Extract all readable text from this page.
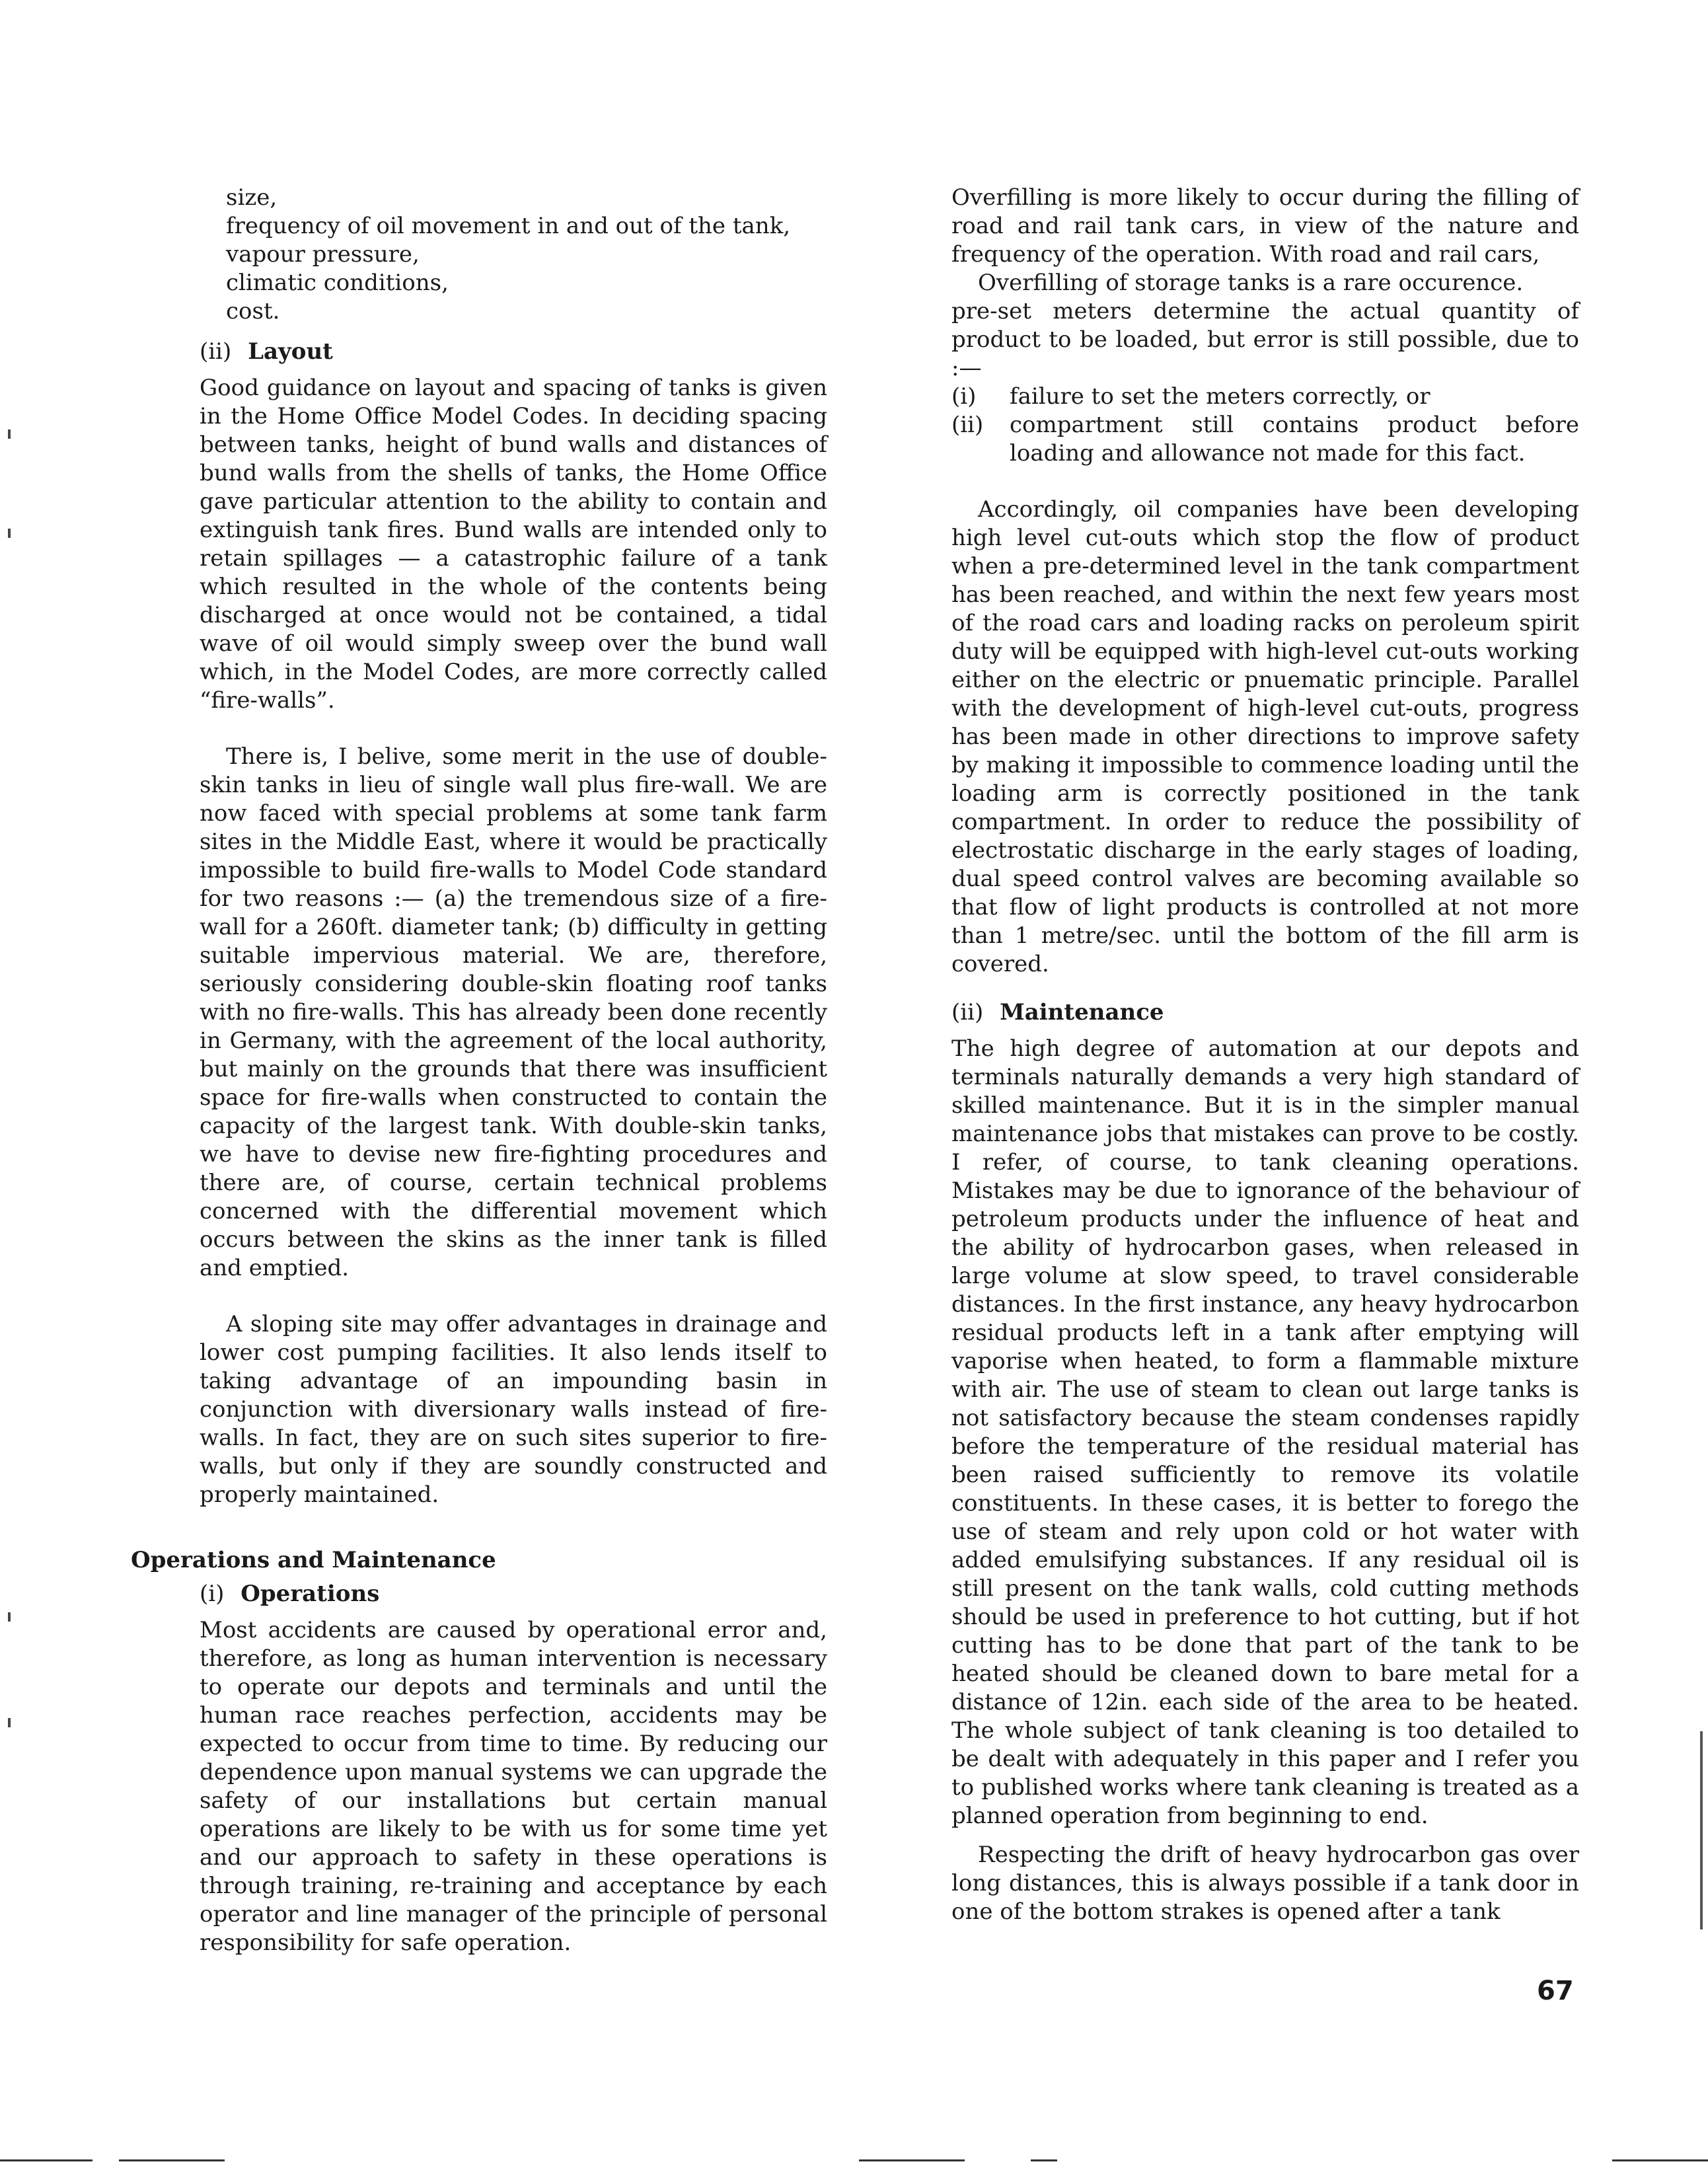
size,

frequency of oil movement in and out of the tank,

vapour pressure,

climatic conditions,

cost.

(ii) Layout

Good guidance on layout and spacing of tanks is given in the Home Office Model Codes. In deciding spacing between tanks, height of bund walls and distances of bund walls from the shells of tanks, the Home Office gave particular attention to the ability to contain and extinguish tank fires. Bund walls are intended only to retain spillages — a catastrophic failure of a tank which resulted in the whole of the contents being discharged at once would not be contained, a tidal wave of oil would simply sweep over the bund wall which, in the Model Codes, are more correctly called “fire-walls”.

There is, I belive, some merit in the use of double-skin tanks in lieu of single wall plus fire-wall. We are now faced with special problems at some tank farm sites in the Middle East, where it would be practically impossible to build fire-walls to Model Code standard for two reasons :— (a) the tremendous size of a fire-wall for a 260ft. diameter tank; (b) difficulty in getting suitable impervious material. We are, therefore, seriously considering double-skin floating roof tanks with no fire-walls. This has already been done recently in Germany, with the agreement of the local authority, but mainly on the grounds that there was insufficient space for fire-walls when constructed to contain the capacity of the largest tank. With double-skin tanks, we have to devise new fire-fighting procedures and there are, of course, certain technical problems concerned with the differential movement which occurs between the skins as the inner tank is filled and emptied.

A sloping site may offer advantages in drainage and lower cost pumping facilities. It also lends itself to taking advantage of an impounding basin in conjunction with diversionary walls instead of fire-walls. In fact, they are on such sites superior to fire-walls, but only if they are soundly constructed and properly maintained.

Operations and Maintenance
(i) Operations

Most accidents are caused by operational error and, therefore, as long as human intervention is necessary to operate our depots and terminals and until the human race reaches perfection, accidents may be expected to occur from time to time. By reducing our dependence upon manual systems we can upgrade the safety of our installations but certain manual operations are likely to be with us for some time yet and our approach to safety in these operations is through training, re-training and acceptance by each operator and line manager of the principle of personal responsibility for safe operation.

Overfilling is more likely to occur during the filling of road and rail tank cars, in view of the nature and frequency of the operation. With road and rail cars,

Overfilling of storage tanks is a rare occurence.

pre-set meters determine the actual quantity of product to be loaded, but error is still possible, due to :—

(i)	failure to set the meters correctly, or
(ii)	compartment still contains product before loading and allowance not made for this fact.

Accordingly, oil companies have been developing high level cut-outs which stop the flow of product when a pre-determined level in the tank compartment has been reached, and within the next few years most of the road cars and loading racks on peroleum spirit duty will be equipped with high-level cut-outs working either on the electric or pnuematic principle. Parallel with the development of high-level cut-outs, progress has been made in other directions to improve safety by making it impossible to commence loading until the loading arm is correctly positioned in the tank compartment. In order to reduce the possibility of electrostatic discharge in the early stages of loading, dual speed control valves are becoming available so that flow of light products is controlled at not more than 1 metre/sec. until the bottom of the fill arm is covered.

(ii) Maintenance

The high degree of automation at our depots and terminals naturally demands a very high standard of skilled maintenance. But it is in the simpler manual maintenance jobs that mistakes can prove to be costly. I refer, of course, to tank cleaning operations. Mistakes may be due to ignorance of the behaviour of petroleum products under the influence of heat and the ability of hydrocarbon gases, when released in large volume at slow speed, to travel considerable distances. In the first instance, any heavy hydrocarbon residual products left in a tank after emptying will vaporise when heated, to form a flammable mixture with air. The use of steam to clean out large tanks is not satisfactory because the steam condenses rapidly before the temperature of the residual material has been raised sufficiently to remove its volatile constituents. In these cases, it is better to forego the use of steam and rely upon cold or hot water with added emulsifying substances. If any residual oil is still present on the tank walls, cold cutting methods should be used in preference to hot cutting, but if hot cutting has to be done that part of the tank to be heated should be cleaned down to bare metal for a distance of 12in. each side of the area to be heated. The whole subject of tank cleaning is too detailed to be dealt with adequately in this paper and I refer you to published works where tank cleaning is treated as a planned operation from beginning to end.

Respecting the drift of heavy hydrocarbon gas over long distances, this is always possible if a tank door in one of the bottom strakes is opened after a tank

67
